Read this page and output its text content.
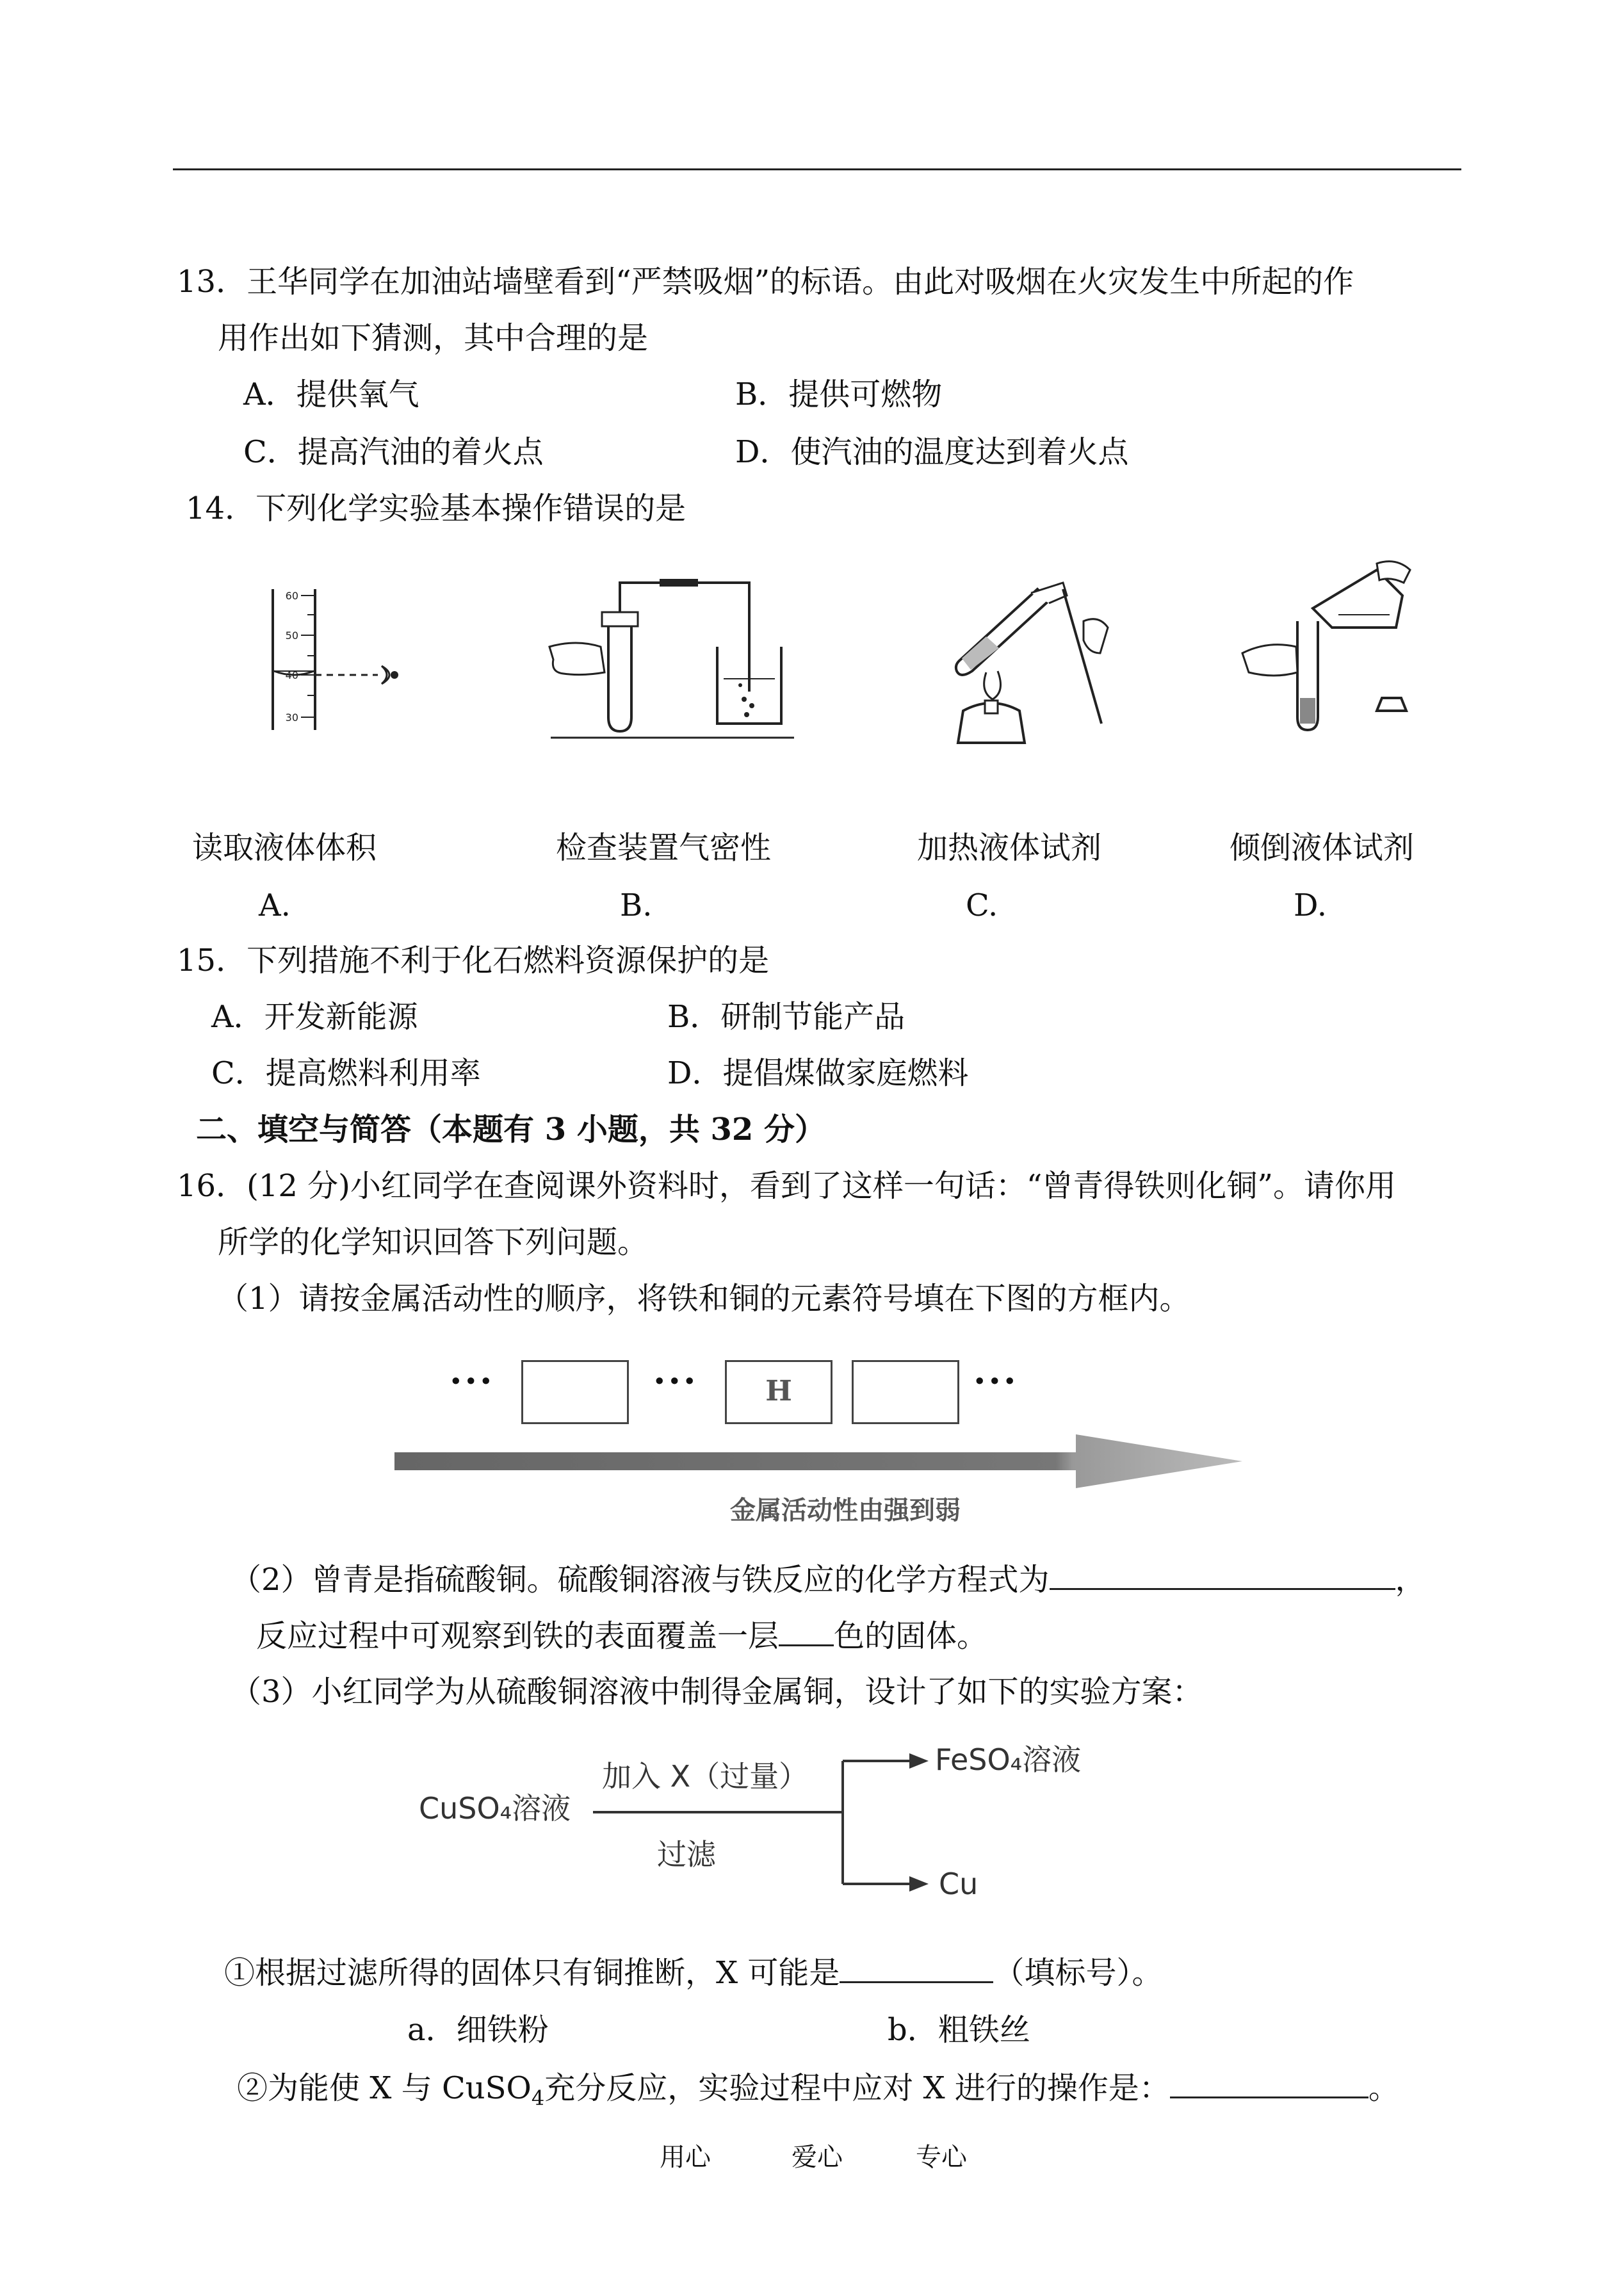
13．王华同学在加油站墙壁看到“严禁吸烟”的标语。由此对吸烟在火灾发生中所起的作
用作出如下猜测，其中合理的是
A．提供氧气	B．提供可燃物
C．提高汽油的着火点	D．使汽油的温度达到着火点
14．下列化学实验基本操作错误的是
60
50
40
30
读取液体体积	检查装置气密性	加热液体试剂	倾倒液体试剂
A.	B.	C.	D.
15．下列措施不利于化石燃料资源保护的是
A．开发新能源	B．研制节能产品
C．提高燃料利用率	D．提倡煤做家庭燃料
二、填空与简答（本题有 3 小题，共 32 分）
16．(12 分)小红同学在查阅课外资料时，看到了这样一句话：“曾青得铁则化铜”。请你用
所学的化学知识回答下列问题。
（1）请按金属活动性的顺序，将铁和铜的元素符号填在下图的方框内。
···	···	H	···
金属活动性由强到弱
（2）曾青是指硫酸铜。硫酸铜溶液与铁反应的化学方程式为	，
反应过程中可观察到铁的表面覆盖一层 色的固体。
（3）小红同学为从硫酸铜溶液中制得金属铜，设计了如下的实验方案：
CuSO₄溶液
加入 X（过量）
过滤
FeSO₄溶液
Cu
①根据过滤所得的固体只有铜推断，X 可能是	（填标号）。
a．细铁粉	b．粗铁丝
②为能使 X 与 CuSO$_4$充分反应，实验过程中应对 X 进行的操作是：	。
用心	爱心	专心
